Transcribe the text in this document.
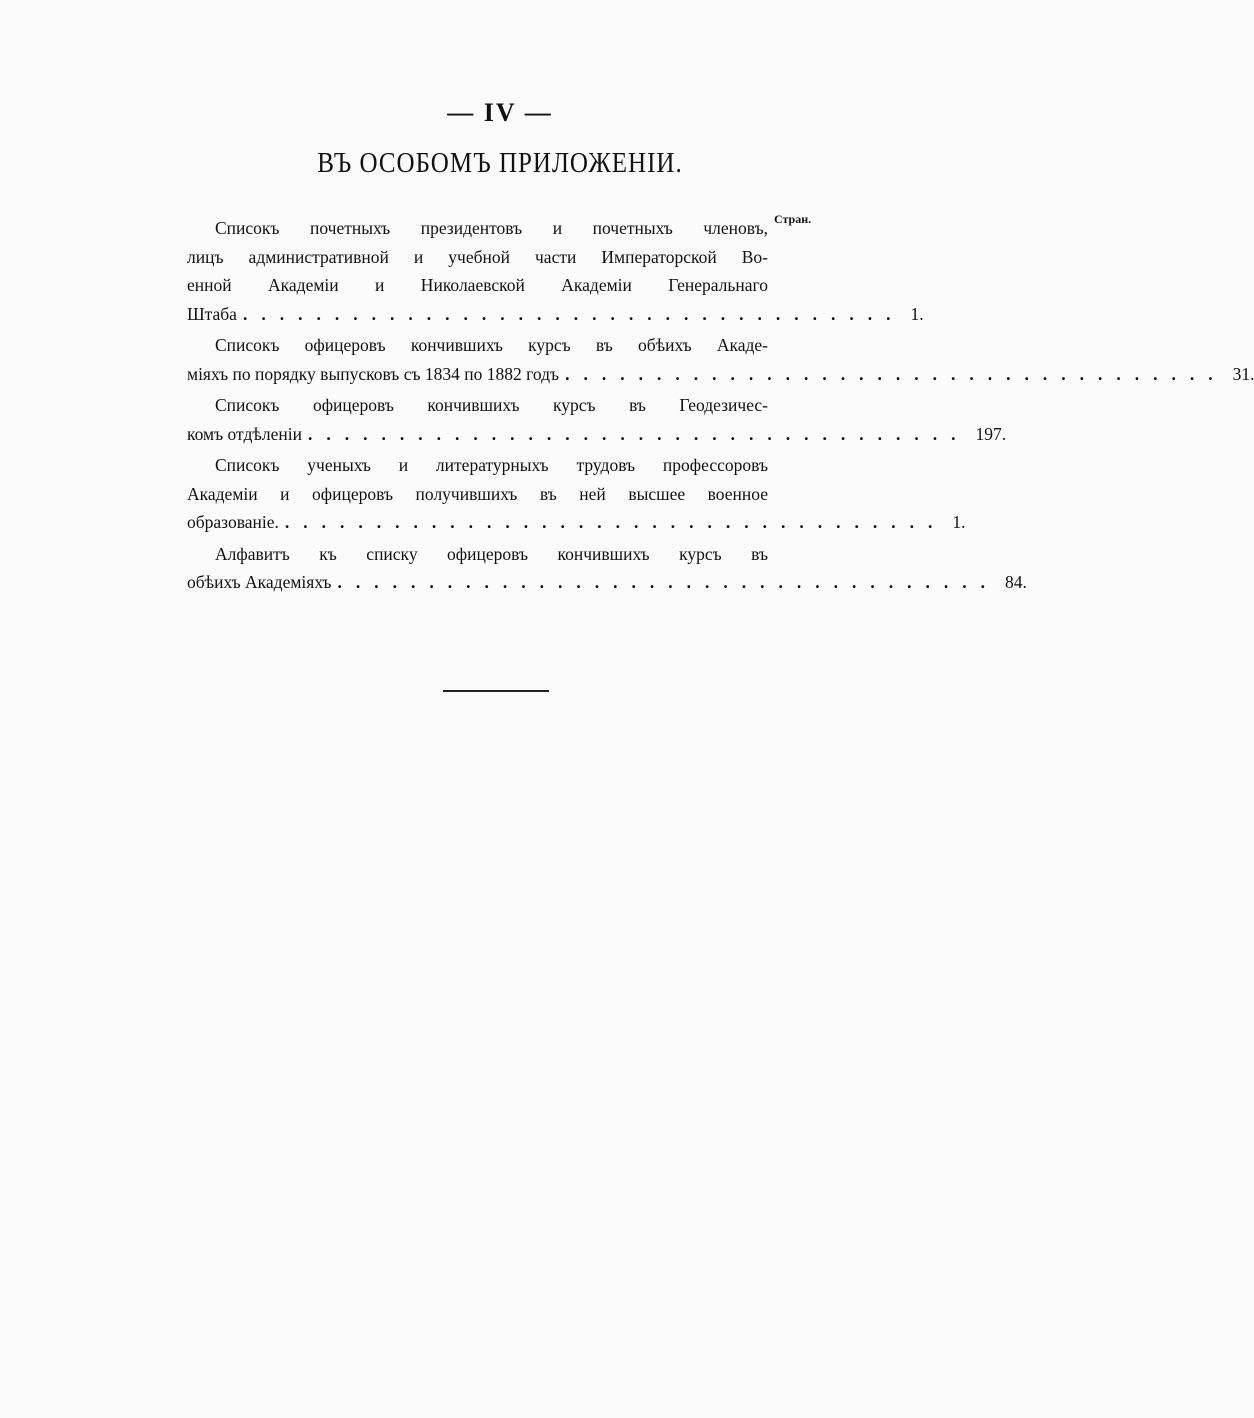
— IV —
ВЪ ОСОБОМЪ ПРИЛОЖЕНІИ.
Стран.
Списокъ почетныхъ президентовъ и почетныхъ членовъ,
лицъ административной и учебной части Императорской Во-
енной Академіи и Николаевской Академіи Генеральнаго
Штаба .................................... 1.
Списокъ офицеровъ кончившихъ курсъ въ обѣихъ Акаде-
міяхъ по порядку выпусковъ съ 1834 по 1882 годъ .................................... 31.
Списокъ офицеровъ кончившихъ курсъ въ Геодезичес-
комъ отдѣленіи .................................... 197.
Списокъ ученыхъ и литературныхъ трудовъ профессоровъ
Академіи и офицеровъ получившихъ въ ней высшее военное
образованіе. .................................... 1.
Алфавитъ къ списку офицеровъ кончившихъ курсъ въ
обѣихъ Академіяхъ .................................... 84.
